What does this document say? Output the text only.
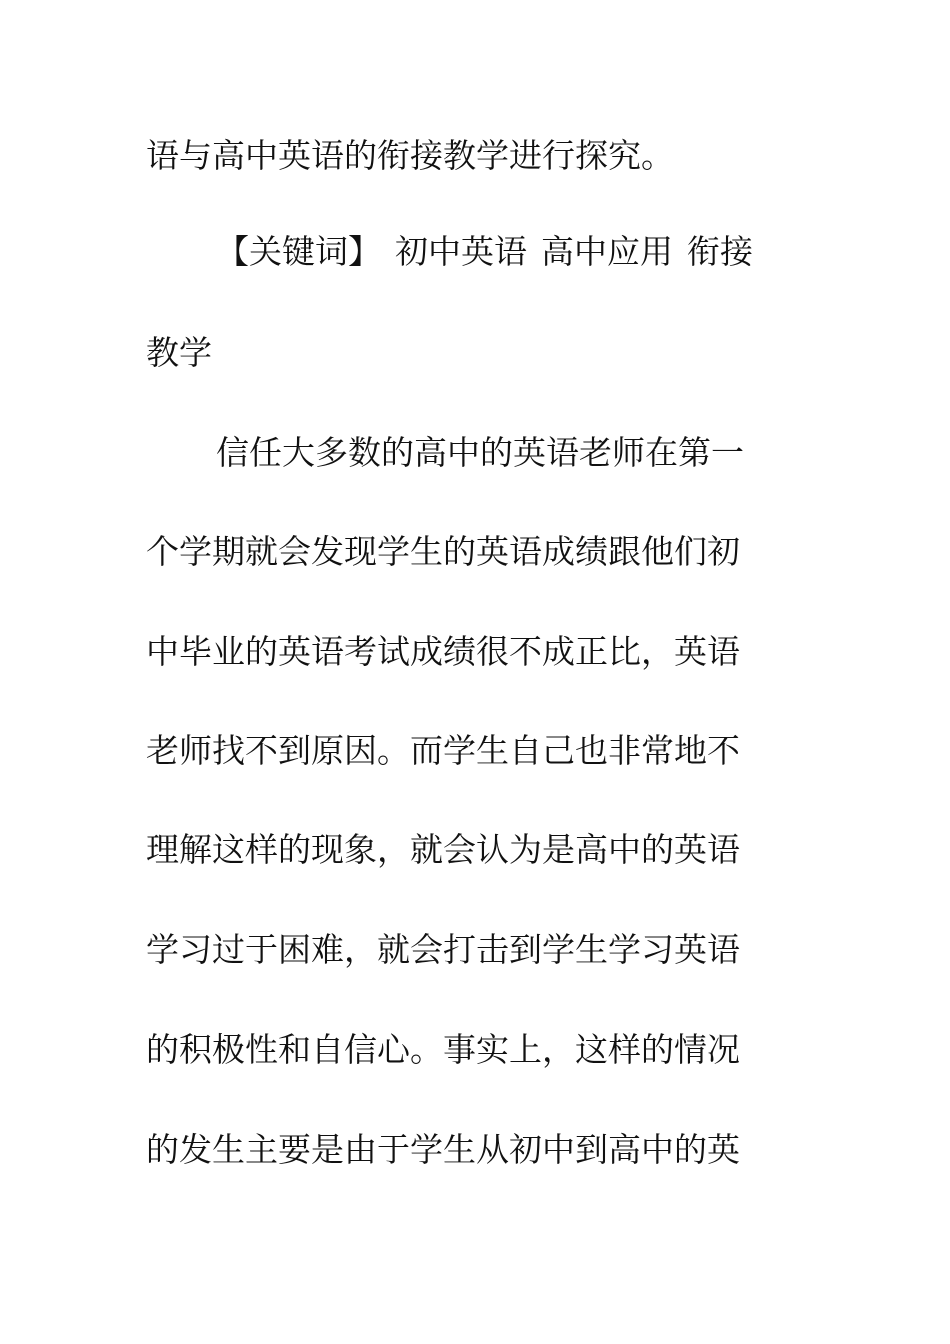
语与高中英语的衔接教学进行探究。
【关键词】 初中英语 高中应用 衔接
教学
信任大多数的高中的英语老师在第一
个学期就会发现学生的英语成绩跟他们初
中毕业的英语考试成绩很不成正比，英语
老师找不到原因。而学生自己也非常地不
理解这样的现象，就会认为是高中的英语
学习过于困难，就会打击到学生学习英语
的积极性和自信心。事实上，这样的情况
的发生主要是由于学生从初中到高中的英
